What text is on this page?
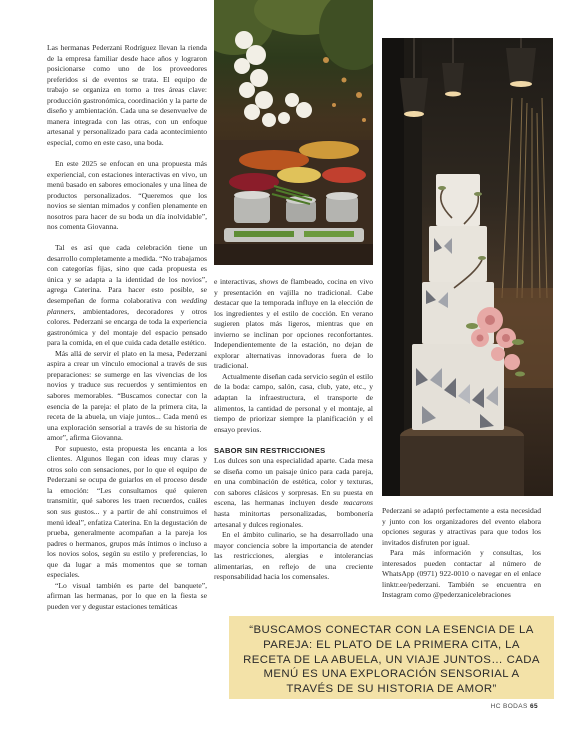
Las hermanas Pederzani Rodríguez llevan la rienda de la empresa familiar desde hace años y lograron posicionarse como uno de los proveedores preferidos si de eventos se trata. El equipo de trabajo se organiza en torno a tres áreas clave: producción gastronómica, coordinación y la parte de diseño y ambientación. Cada una se desenvuelve de manera integrada con las otras, con un enfoque artesanal y personalizado para cada acontecimiento especial, como en este caso, una boda.

En este 2025 se enfocan en una propuesta más experiencial, con estaciones interactivas en vivo, un menú basado en sabores emocionales y una línea de productos personalizados. “Queremos que los novios se sientan mimados y confíen plenamente en nosotros para hacer de su boda un día inolvidable”, nos comenta Giovanna.

Tal es así que cada celebración tiene un desarrollo completamente a medida. “No trabajamos con categorías fijas, sino que cada propuesta es única y se adapta a la identidad de los novios”, agrega Caterina. Para hacer esto posible, se desempeñan de forma colaborativa con wedding planners, ambientadores, decoradores y otros colores. Pederzani se encarga de toda la experiencia gastronómica y del montaje del espacio pensado para la comida, en el que cuida cada detalle estético.

Más allá de servir el plato en la mesa, Pederzani aspira a crear un vínculo emocional a través de sus preparaciones: se sumerge en las vivencias de los novios y traduce sus recuerdos y sentimientos en sabores memorables. “Buscamos conectar con la esencia de la pareja: el plato de la primera cita, la receta de la abuela, un viaje juntos... Cada menú es una exploración sensorial a través de su historia de amor”, afirma Giovanna.

Por supuesto, esta propuesta les encanta a los clientes. Algunos llegan con ideas muy claras y otros solo con sensaciones, por lo que el equipo de Pederzani se ocupa de guiarlos en el proceso desde la emoción: “Les consultamos qué quieren transmitir, qué sabores les traen recuerdos, cuáles son sus gustos... y a partir de ahí construimos el menú ideal”, enfatiza Caterina. En la degustación de prueba, generalmente acompañan a la pareja los padres o hermanos, grupos más íntimos o incluso a los novios solos, según su estilo y preferencias, lo que da lugar a más momentos que se tornan especiales.

“Lo visual también es parte del banquete”, afirman las hermanas, por lo que en la fiesta se pueden ver y degustar estaciones temáticas

e interactivas, shows de flambeado, cocina en vivo y presentación en vajilla no tradicional. Cabe destacar que la temporada influye en la elección de los ingredientes y el estilo de cocción. En verano sugieren platos más ligeros, mientras que en invierno se inclinan por opciones reconfortantes. Independientemente de la estación, no dejan de explorar alternativas innovadoras fuera de lo tradicional.

Actualmente diseñan cada servicio según el estilo de la boda: campo, salón, casa, club, yate, etc., y adaptan la infraestructura, el transporte de alimentos, la cantidad de personal y el montaje, al tiempo de priorizar siempre la planificación y el ensayo previos.

SABOR SIN RESTRICCIONES

Los dulces son una especialidad aparte. Cada mesa se diseña como un paisaje único para cada pareja, en una combinación de estética, color y texturas, con sabores clásicos y sorpresas. En su puesta en escena, las hermanas incluyen desde macarons hasta minitortas personalizadas, bombonería artesanal y dulces regionales.

En el ámbito culinario, se ha desarrollado una mayor conciencia sobre la importancia de atender las restricciones, alergias e intolerancias alimentarias, en reflejo de una creciente responsabilidad hacia los comensales.

Pederzani se adaptó perfectamente a esta necesidad y junto con los organizadores del evento elabora opciones seguras y atractivas para que todos los invitados disfruten por igual.

Para más información y consultas, los interesados pueden contactar al número de WhatsApp (0971) 922-0010 o navegar en el enlace linktr.ee/pederzani. También se encuentra en Instagram como @pederzanicelebraciones

“BUSCAMOS CONECTAR CON LA ESENCIA DE LA PAREJA: EL PLATO DE LA PRIMERA CITA, LA RECETA DE LA ABUELA, UN VIAJE JUNTOS… CADA MENÚ ES UNA EXPLORACIÓN SENSORIAL A TRAVÉS DE SU HISTORIA DE AMOR”
HC BODAS 65
